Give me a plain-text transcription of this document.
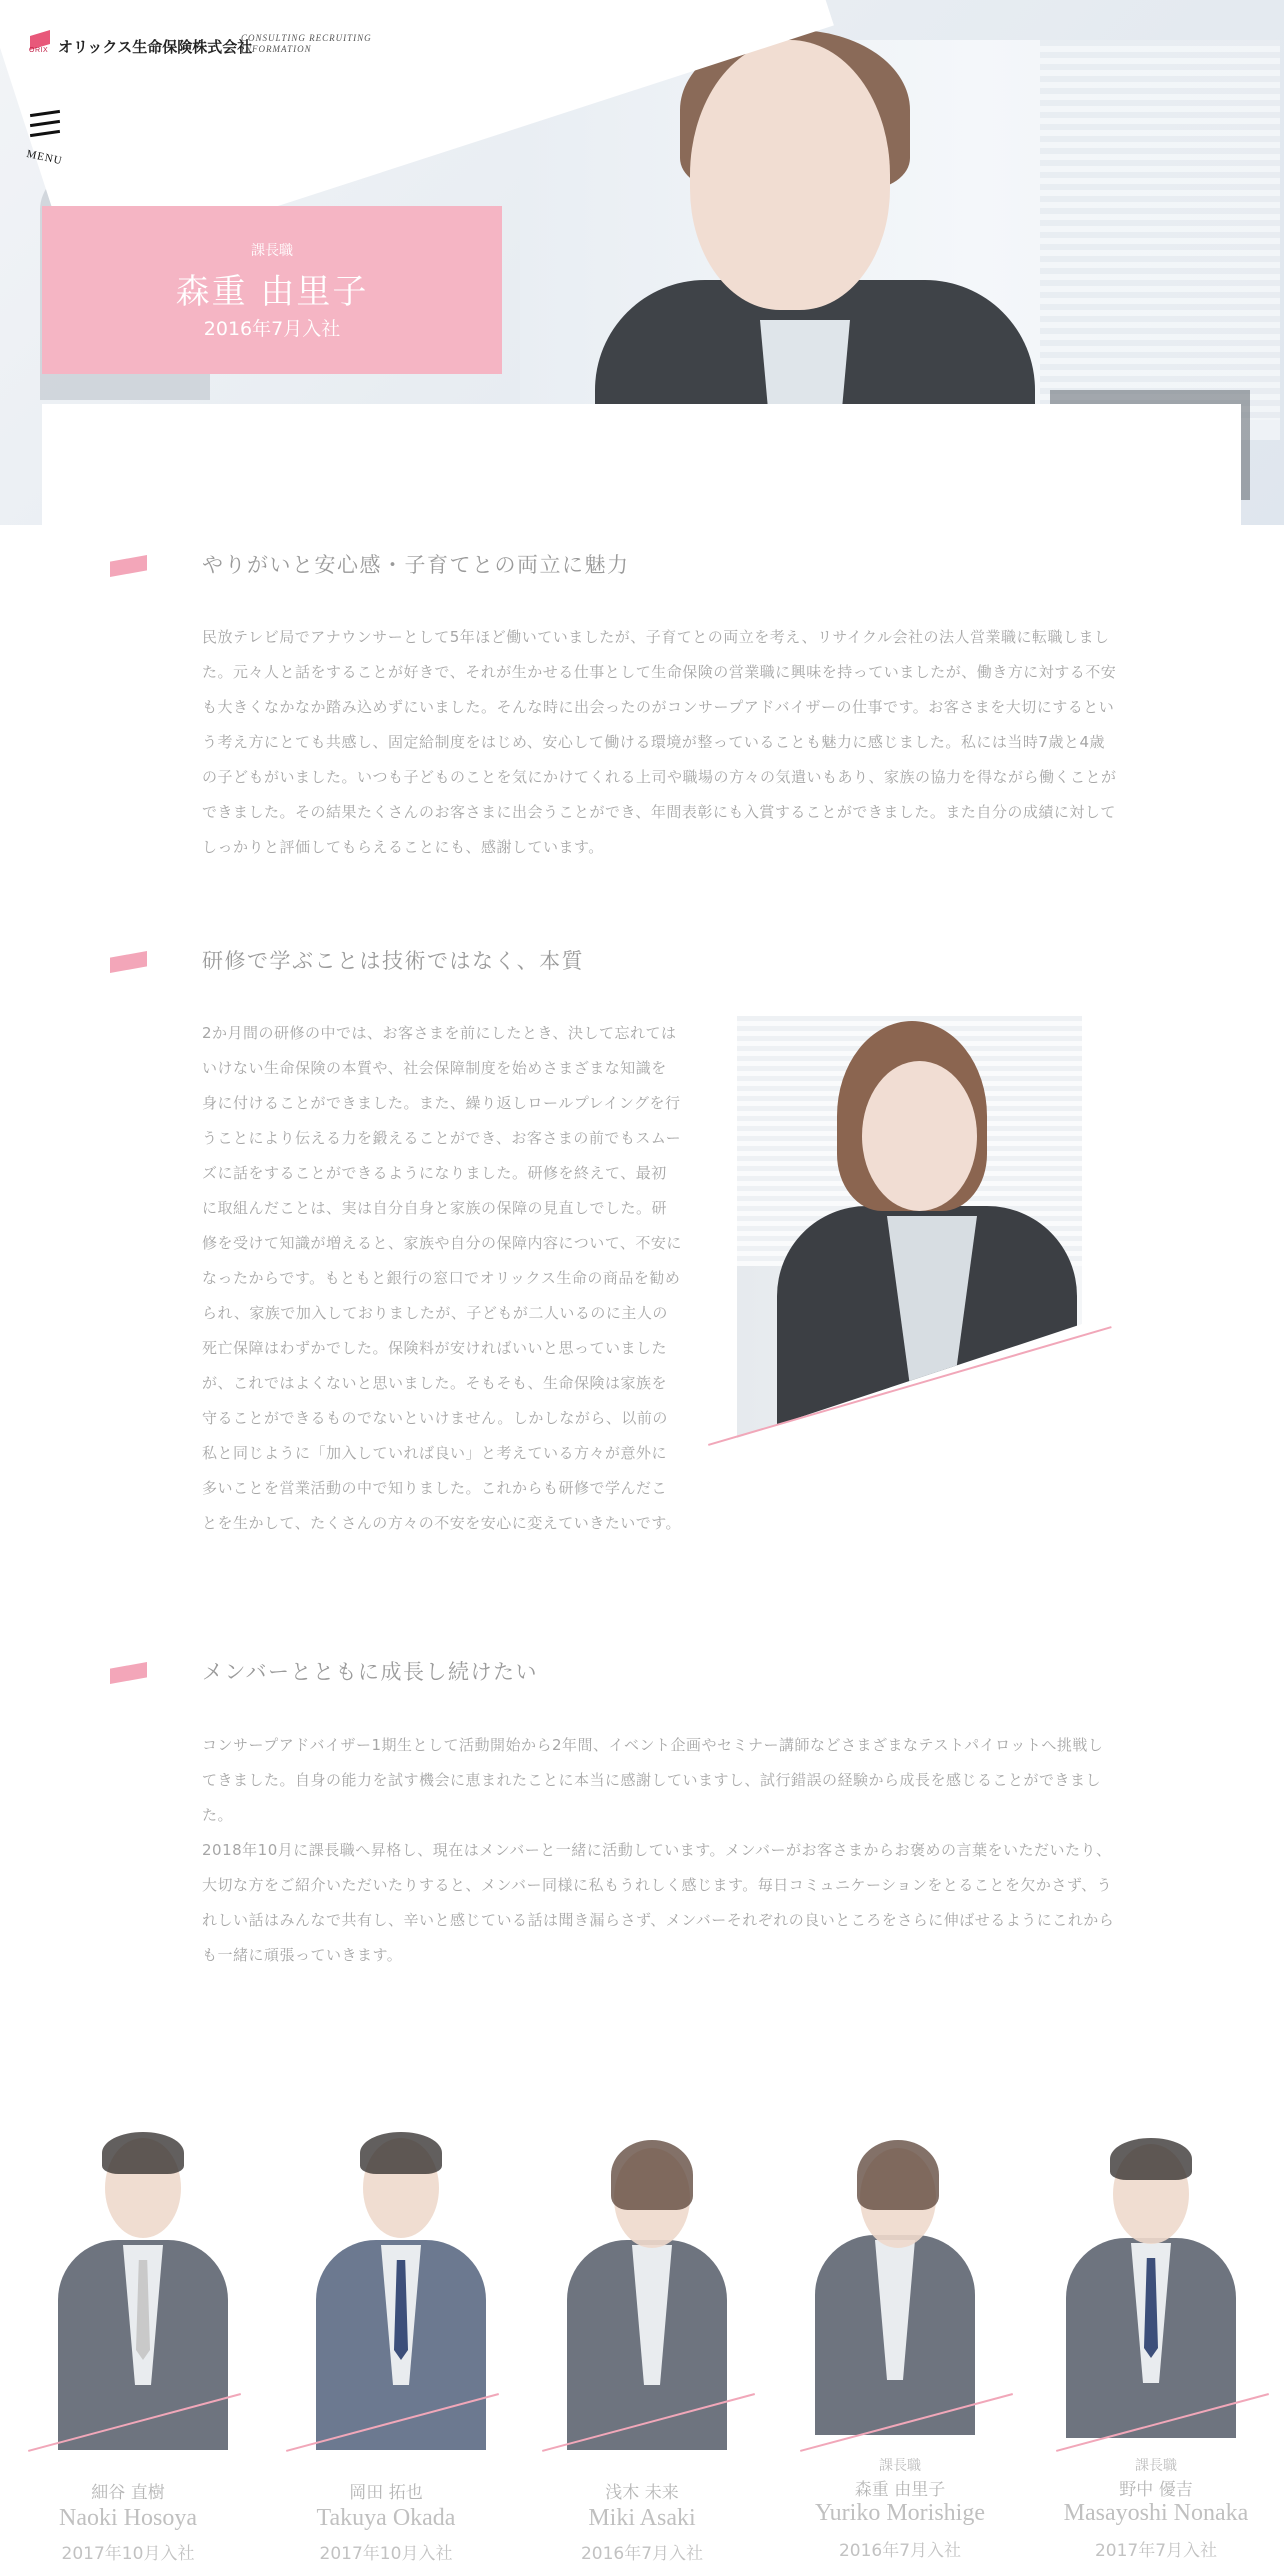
ORIX オリックス生命保険株式会社
CONSULTING RECRUITING
INFORMATION
MENU
課長職
森重 由里子
2016年7月入社
やりがいと安心感・子育てとの両立に魅力
民放テレビ局でアナウンサーとして5年ほど働いていましたが、子育てとの両立を考え、リサイクル会社の法人営業職に転職しました。元々人と話をすることが好きで、それが生かせる仕事として生命保険の営業職に興味を持っていましたが、働き方に対する不安も大きくなかなか踏み込めずにいました。そんな時に出会ったのがコンサープアドバイザーの仕事です。お客さまを大切にするという考え方にとても共感し、固定給制度をはじめ、安心して働ける環境が整っていることも魅力に感じました。私には当時7歳と4歳の子どもがいました。いつも子どものことを気にかけてくれる上司や職場の方々の気遣いもあり、家族の協力を得ながら働くことができました。その結果たくさんのお客さまに出会うことができ、年間表彰にも入賞することができました。また自分の成績に対してしっかりと評価してもらえることにも、感謝しています。
研修で学ぶことは技術ではなく、本質
2か月間の研修の中では、お客さまを前にしたとき、決して忘れてはいけない生命保険の本質や、社会保障制度を始めさまざまな知識を身に付けることができました。また、繰り返しロールプレイングを行うことにより伝える力を鍛えることができ、お客さまの前でもスムーズに話をすることができるようになりました。研修を終えて、最初に取組んだことは、実は自分自身と家族の保障の見直しでした。研修を受けて知識が増えると、家族や自分の保障内容について、不安になったからです。もともと銀行の窓口でオリックス生命の商品を勧められ、家族で加入しておりましたが、子どもが二人いるのに主人の死亡保障はわずかでした。保険料が安ければいいと思っていましたが、これではよくないと思いました。そもそも、生命保険は家族を守ることができるものでないといけません。しかしながら、以前の私と同じように「加入していれば良い」と考えている方々が意外に多いことを営業活動の中で知りました。これからも研修で学んだことを生かして、たくさんの方々の不安を安心に変えていきたいです。
メンバーとともに成長し続けたい
コンサープアドバイザー1期生として活動開始から2年間、イベント企画やセミナー講師などさまざまなテストパイロットへ挑戦してきました。自身の能力を試す機会に恵まれたことに本当に感謝していますし、試行錯誤の経験から成長を感じることができました。
2018年10月に課長職へ昇格し、現在はメンバーと一緒に活動しています。メンバーがお客さまからお褒めの言葉をいただいたり、大切な方をご紹介いただいたりすると、メンバー同様に私もうれしく感じます。毎日コミュニケーションをとることを欠かさず、うれしい話はみんなで共有し、辛いと感じている話は聞き漏らさず、メンバーそれぞれの良いところをさらに伸ばせるようにこれからも一緒に頑張っていきます。
細谷 直樹
Naoki Hosoya
2017年10月入社
岡田 拓也
Takuya Okada
2017年10月入社
浅木 未来
Miki Asaki
2016年7月入社
課長職
森重 由里子
Yuriko Morishige
2016年7月入社
課長職
野中 優吉
Masayoshi Nonaka
2017年7月入社
